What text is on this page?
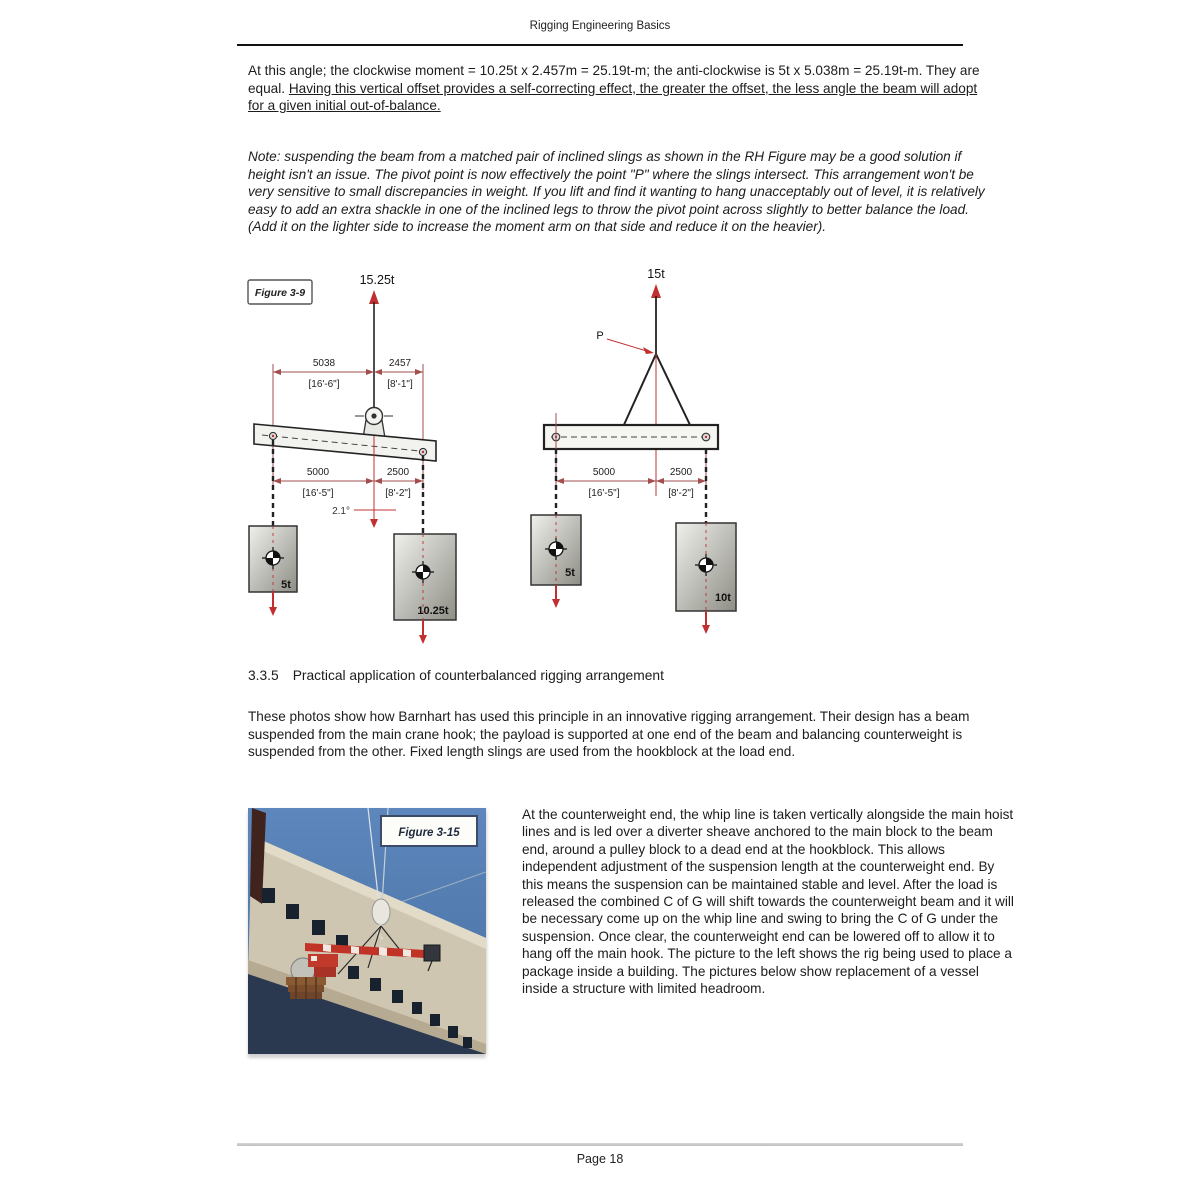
Rigging Engineering Basics
At this angle; the clockwise moment = 10.25t x 2.457m = 25.19t-m; the anti-clockwise is 5t x 5.038m = 25.19t-m. They are equal. Having this vertical offset provides a self-correcting effect, the greater the offset, the less angle the beam will adopt for a given initial out-of-balance.
Note: suspending the beam from a matched pair of inclined slings as shown in the RH Figure may be a good solution if height isn't an issue. The pivot point is now effectively the point "P" where the slings intersect. This arrangement won't be very sensitive to small discrepancies in weight. If you lift and find it wanting to hang unacceptably out of level, it is relatively easy to add an extra shackle in one of the inclined legs to throw the pivot point across slightly to better balance the load. (Add it on the lighter side to increase the moment arm on that side and reduce it on the heavier).
Figure 3-9
15.25t
5038
[16'-6"]
2457
[8'-1"]
2.1°
5000
[16'-5"]
2500
[8'-2"]
5t
10.25t
15t
P
5000
[16'-5"]
2500
[8'-2"]
5t
10t
3.3.5 Practical application of counterbalanced rigging arrangement
These photos show how Barnhart has used this principle in an innovative rigging arrangement. Their design has a beam suspended from the main crane hook; the payload is supported at one end of the beam and balancing counterweight is suspended from the other. Fixed length slings are used from the hookblock at the load end.
Figure 3-15
At the counterweight end, the whip line is taken vertically alongside the main hoist lines and is led over a diverter sheave anchored to the main block to the beam end, around a pulley block to a dead end at the hookblock. This allows independent adjustment of the suspension length at the counterweight end. By this means the suspension can be maintained stable and level. After the load is released the combined C of G will shift towards the counterweight beam and it will be necessary come up on the whip line and swing to bring the C of G under the suspension. Once clear, the counterweight end can be lowered off to allow it to hang off the main hook. The picture to the left shows the rig being used to place a package inside a building. The pictures below show replacement of a vessel inside a structure with limited headroom.
Page 18
